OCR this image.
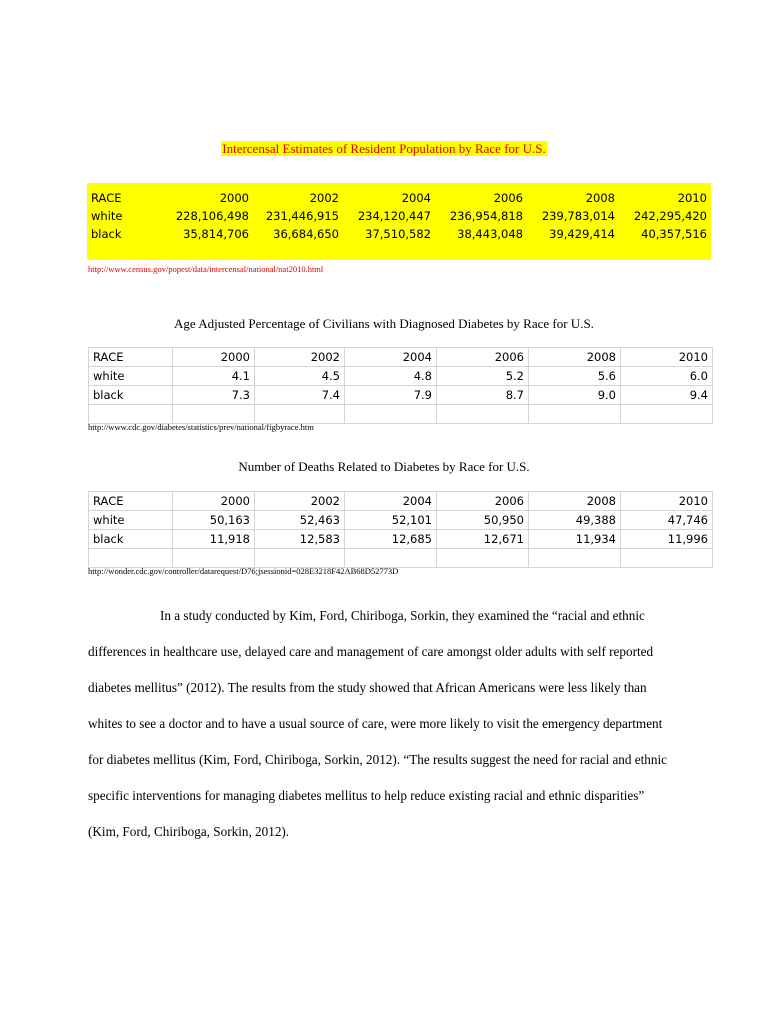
Intercensal Estimates of Resident Population by Race for U.S.
RACE	2000	2002	2004	2006	2008	2010
white	228,106,498	231,446,915	234,120,447	236,954,818	239,783,014	242,295,420
black	35,814,706	36,684,650	37,510,582	38,443,048	39,429,414	40,357,516
http://www.census.gov/popest/data/intercensal/national/nat2010.html
Age Adjusted Percentage of Civilians with Diagnosed Diabetes by Race for U.S.
RACE	2000	2002	2004	2006	2008	2010
white	4.1	4.5	4.8	5.2	5.6	6.0
black	7.3	7.4	7.9	8.7	9.0	9.4

http://www.cdc.gov/diabetes/statistics/prev/national/figbyrace.htm
Number of Deaths Related to Diabetes by Race for U.S.
RACE	2000	2002	2004	2006	2008	2010
white	50,163	52,463	52,101	50,950	49,388	47,746
black	11,918	12,583	12,685	12,671	11,934	11,996

http://wonder.cdc.gov/controller/datarequest/D76;jsessionid=028E3218F42AB68D52773D

In a study conducted by Kim, Ford, Chiriboga, Sorkin, they examined the “racial and ethnic differences in healthcare use, delayed care and management of care amongst older adults with self reported diabetes mellitus” (2012). The results from the study showed that African Americans were less likely than whites to see a doctor and to have a usual source of care, were more likely to visit the emergency department for diabetes mellitus (Kim, Ford, Chiriboga, Sorkin, 2012). “The results suggest the need for racial and ethnic specific interventions for managing diabetes mellitus to help reduce existing racial and ethnic disparities” (Kim, Ford, Chiriboga, Sorkin, 2012).
